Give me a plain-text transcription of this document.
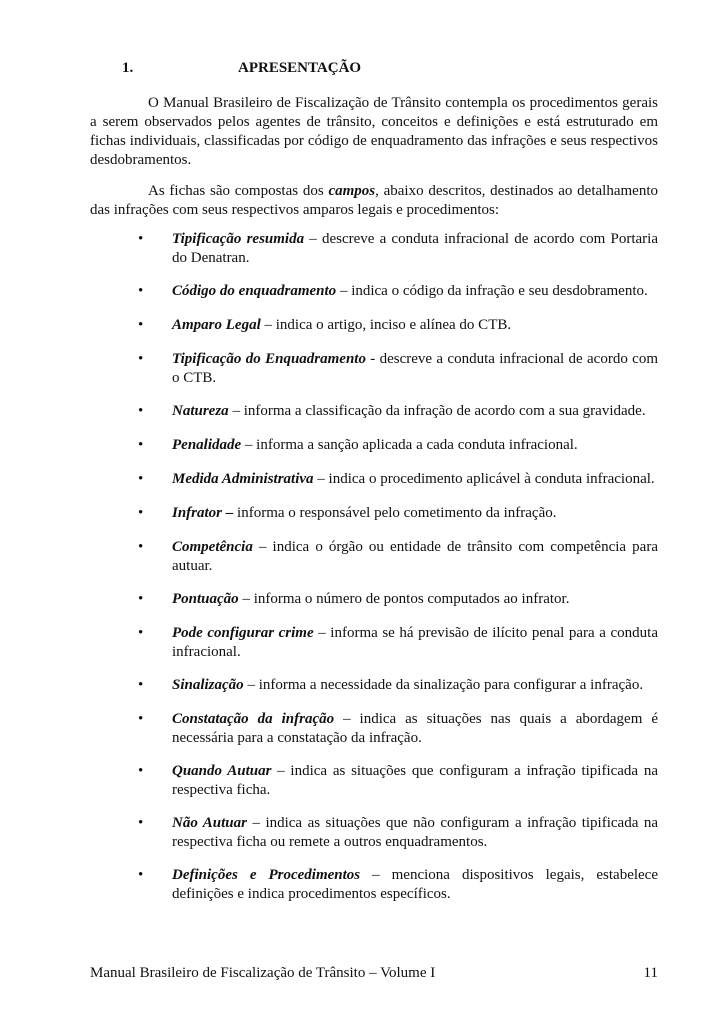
1.	APRESENTAÇÃO

O Manual Brasileiro de Fiscalização de Trânsito contempla os procedimentos gerais a serem observados pelos agentes de trânsito, conceitos e definições e está estruturado em fichas individuais, classificadas por código de enquadramento das infrações e seus respectivos desdobramentos.

As fichas são compostas dos campos, abaixo descritos, destinados ao detalhamento das infrações com seus respectivos amparos legais e procedimentos:

• Tipificação resumida – descreve a conduta infracional de acordo com Portaria do Denatran.
• Código do enquadramento – indica o código da infração e seu desdobramento.
• Amparo Legal – indica o artigo, inciso e alínea do CTB.
• Tipificação do Enquadramento - descreve a conduta infracional de acordo com o CTB.
• Natureza – informa a classificação da infração de acordo com a sua gravidade.
• Penalidade – informa a sanção aplicada a cada conduta infracional.
• Medida Administrativa – indica o procedimento aplicável à conduta infracional.
• Infrator – informa o responsável pelo cometimento da infração.
• Competência – indica o órgão ou entidade de trânsito com competência para autuar.
• Pontuação – informa o número de pontos computados ao infrator.
• Pode configurar crime – informa se há previsão de ilícito penal para a conduta infracional.
• Sinalização – informa a necessidade da sinalização para configurar a infração.
• Constatação da infração – indica as situações nas quais a abordagem é necessária para a constatação da infração.
• Quando Autuar – indica as situações que configuram a infração tipificada na respectiva ficha.
• Não Autuar – indica as situações que não configuram a infração tipificada na respectiva ficha ou remete a outros enquadramentos.
• Definições e Procedimentos – menciona dispositivos legais, estabelece definições e indica procedimentos específicos.
Manual Brasileiro de Fiscalização de Trânsito – Volume I	11
